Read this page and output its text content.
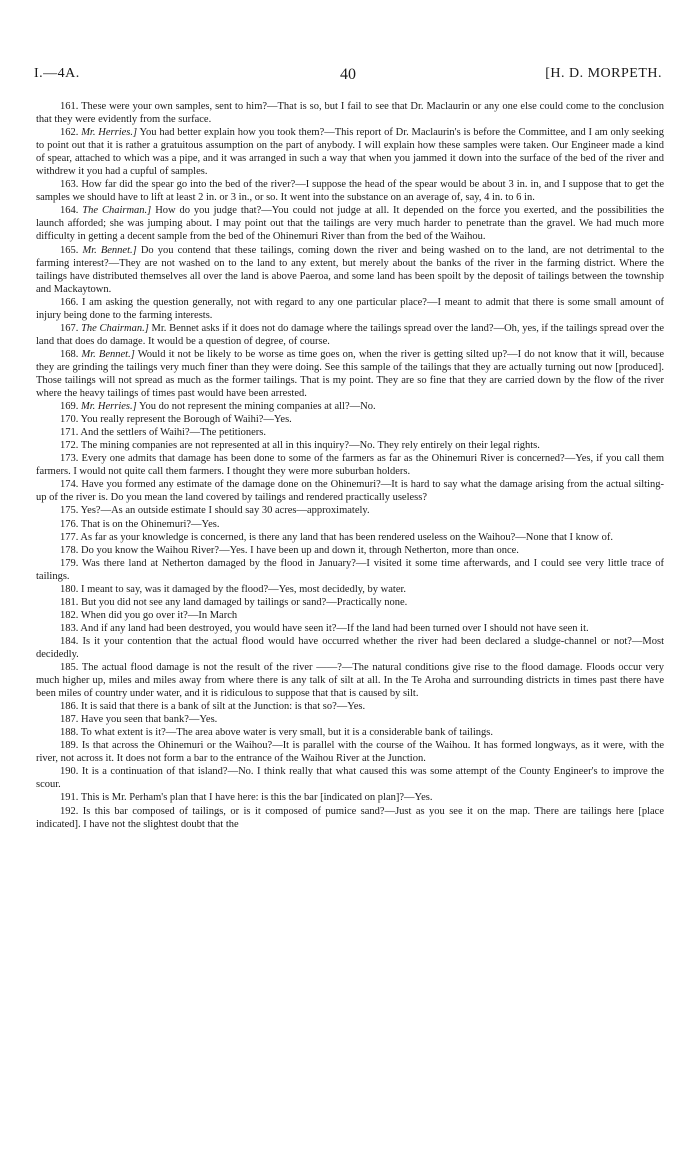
I.—4A.	40	[H. D. MORPETH.

161. These were your own samples, sent to him?—That is so, but I fail to see that Dr. Maclaurin or any one else could come to the conclusion that they were evidently from the surface.

162. Mr. Herries.] You had better explain how you took them?—This report of Dr. Maclaurin's is before the Committee, and I am only seeking to point out that it is rather a gratuitous assumption on the part of anybody. I will explain how these samples were taken. Our Engineer made a kind of spear, attached to which was a pipe, and it was arranged in such a way that when you jammed it down into the surface of the bed of the river and withdrew it you had a cupful of samples.

163. How far did the spear go into the bed of the river?—I suppose the head of the spear would be about 3 in. in, and I suppose that to get the samples we should have to lift at least 2 in. or 3 in., or so. It went into the substance on an average of, say, 4 in. to 6 in.

164. The Chairman.] How do you judge that?—You could not judge at all. It depended on the force you exerted, and the possibilities the launch afforded; she was jumping about. I may point out that the tailings are very much harder to penetrate than the gravel. We had much more difficulty in getting a decent sample from the bed of the Ohinemuri River than from the bed of the Waihou.

165. Mr. Bennet.] Do you contend that these tailings, coming down the river and being washed on to the land, are not detrimental to the farming interest?—They are not washed on to the land to any extent, but merely about the banks of the river in the farming district. Where the tailings have distributed themselves all over the land is above Paeroa, and some land has been spoilt by the deposit of tailings between the township and Mackaytown.

166. I am asking the question generally, not with regard to any one particular place?—I meant to admit that there is some small amount of injury being done to the farming interests.

167. The Chairman.] Mr. Bennet asks if it does not do damage where the tailings spread over the land?—Oh, yes, if the tailings spread over the land that does do damage. It would be a question of degree, of course.

168. Mr. Bennet.] Would it not be likely to be worse as time goes on, when the river is getting silted up?—I do not know that it will, because they are grinding the tailings very much finer than they were doing. See this sample of the tailings that they are actually turning out now [produced]. Those tailings will not spread as much as the former tailings. That is my point. They are so fine that they are carried down by the flow of the river where the heavy tailings of times past would have been arrested.

169. Mr. Herries.] You do not represent the mining companies at all?—No.

170. You really represent the Borough of Waihi?—Yes.

171. And the settlers of Waihi?—The petitioners.

172. The mining companies are not represented at all in this inquiry?—No. They rely entirely on their legal rights.

173. Every one admits that damage has been done to some of the farmers as far as the Ohinemuri River is concerned?—Yes, if you call them farmers. I would not quite call them farmers. I thought they were more suburban holders.

174. Have you formed any estimate of the damage done on the Ohinemuri?—It is hard to say what the damage arising from the actual silting-up of the river is. Do you mean the land covered by tailings and rendered practically useless?

175. Yes?—As an outside estimate I should say 30 acres—approximately.

176. That is on the Ohinemuri?—Yes.

177. As far as your knowledge is concerned, is there any land that has been rendered useless on the Waihou?—None that I know of.

178. Do you know the Waihou River?—Yes. I have been up and down it, through Netherton, more than once.

179. Was there land at Netherton damaged by the flood in January?—I visited it some time afterwards, and I could see very little trace of tailings.

180. I meant to say, was it damaged by the flood?—Yes, most decidedly, by water.

181. But you did not see any land damaged by tailings or sand?—Practically none.

182. When did you go over it?—In March

183. And if any land had been destroyed, you would have seen it?—If the land had been turned over I should not have seen it.

184. Is it your contention that the actual flood would have occurred whether the river had been declared a sludge-channel or not?—Most decidedly.

185. The actual flood damage is not the result of the river ——?—The natural conditions give rise to the flood damage. Floods occur very much higher up, miles and miles away from where there is any talk of silt at all. In the Te Aroha and surrounding districts in times past there have been miles of country under water, and it is ridiculous to suppose that that is caused by silt.

186. It is said that there is a bank of silt at the Junction: is that so?—Yes.

187. Have you seen that bank?—Yes.

188. To what extent is it?—The area above water is very small, but it is a considerable bank of tailings.

189. Is that across the Ohinemuri or the Waihou?—It is parallel with the course of the Waihou. It has formed longways, as it were, with the river, not across it. It does not form a bar to the entrance of the Waihou River at the Junction.

190. It is a continuation of that island?—No. I think really that what caused this was some attempt of the County Engineer's to improve the scour.

191. This is Mr. Perham's plan that I have here: is this the bar [indicated on plan]?—Yes.

192. Is this bar composed of tailings, or is it composed of pumice sand?—Just as you see it on the map. There are tailings here [place indicated]. I have not the slightest doubt that the
